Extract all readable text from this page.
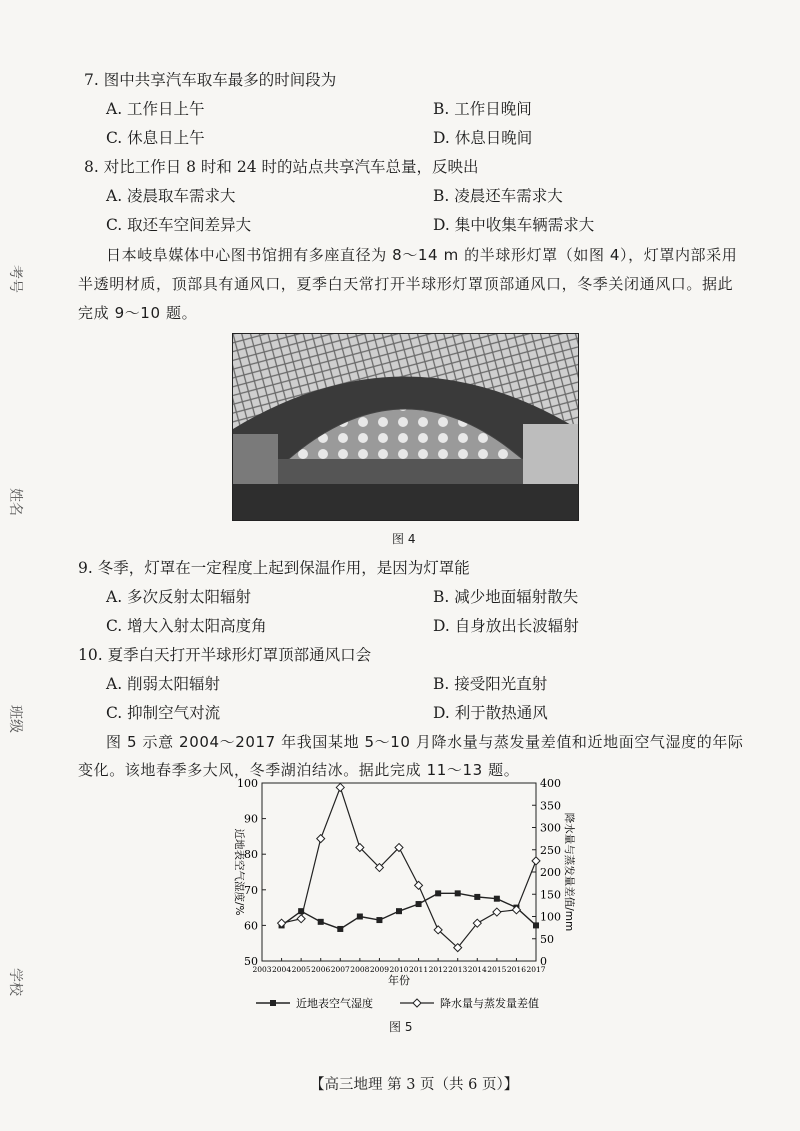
考号
姓名
班级
学校
7. 图中共享汽车取车最多的时间段为
A. 工作日上午	B. 工作日晚间
C. 休息日上午	D. 休息日晚间
8. 对比工作日 8 时和 24 时的站点共享汽车总量，反映出
A. 凌晨取车需求大	B. 凌晨还车需求大
C. 取还车空间差异大	D. 集中收集车辆需求大
日本岐阜媒体中心图书馆拥有多座直径为 8～14 m 的半球形灯罩（如图 4），灯罩内部采用
半透明材质，顶部具有通风口，夏季白天常打开半球形灯罩顶部通风口，冬季关闭通风口。据此
完成 9～10 题。
图 4
9. 冬季，灯罩在一定程度上起到保温作用，是因为灯罩能
A. 多次反射太阳辐射	B. 减少地面辐射散失
C. 增大入射太阳高度角	D. 自身放出长波辐射
10. 夏季白天打开半球形灯罩顶部通风口会
A. 削弱太阳辐射	B. 接受阳光直射
C. 抑制空气对流	D. 利于散热通风
图 5 示意 2004～2017 年我国某地 5～10 月降水量与蒸发量差值和近地面空气湿度的年际
变化。该地春季多大风，冬季湖泊结冰。据此完成 11～13 题。
50
60
70
80
90
100
0
50
100
150
200
250
300
350
400
2003 2004 2005 2006 2007 2008 2009 2010 2011 2012 2013 2014 2015 2016 2017
年份
近地表空气湿度/%	降水量与蒸发量差值/mm
近地表空气湿度	降水量与蒸发量差值
图 5
【高三地理 第 3 页（共 6 页）】
